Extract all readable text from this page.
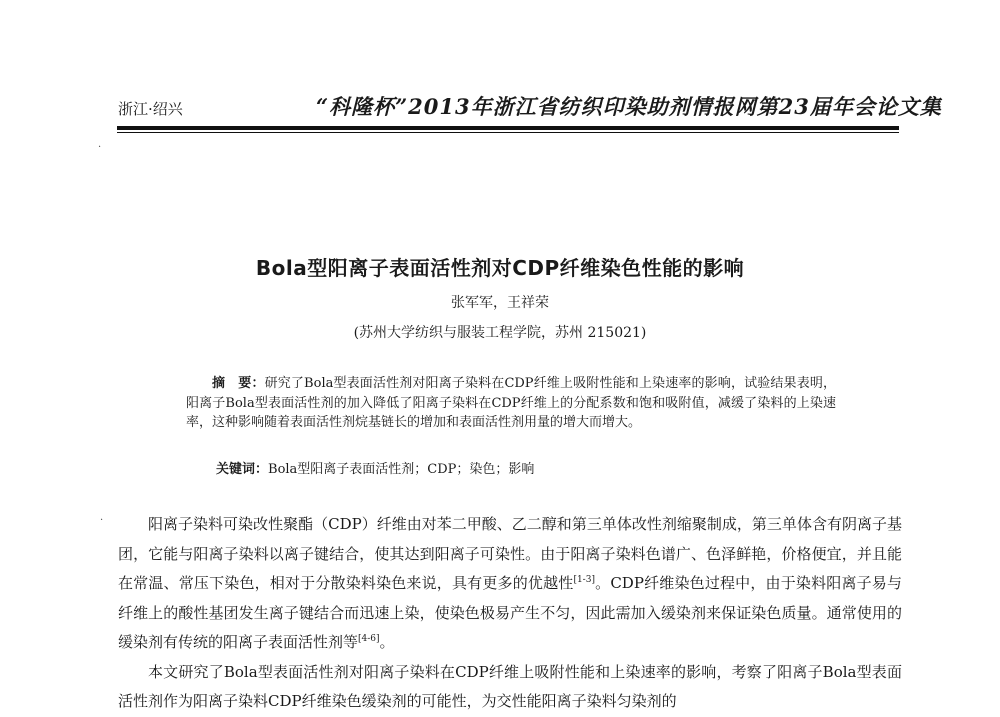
浙江·绍兴	“科隆杯”2013年浙江省纺织印染助剂情报网第23届年会论文集
·
·
Bola型阳离子表面活性剂对CDP纤维染色性能的影响
张军军，王祥荣
(苏州大学纺织与服装工程学院，苏州 215021)
摘　要：研究了Bola型表面活性剂对阳离子染料在CDP纤维上吸附性能和上染速率的影响，试验结果表明，阳离子Bola型表面活性剂的加入降低了阳离子染料在CDP纤维上的分配系数和饱和吸附值，减缓了染料的上染速率，这种影响随着表面活性剂烷基链长的增加和表面活性剂用量的增大而增大。
关键词：Bola型阳离子表面活性剂；CDP；染色；影响

阳离子染料可染改性聚酯（CDP）纤维由对苯二甲酸、乙二醇和第三单体改性剂缩聚制成，第三单体含有阴离子基团，它能与阳离子染料以离子键结合，使其达到阳离子可染性。由于阳离子染料色谱广、色泽鲜艳，价格便宜，并且能在常温、常压下染色，相对于分散染料染色来说，具有更多的优越性[1-3]。CDP纤维染色过程中，由于染料阳离子易与纤维上的酸性基团发生离子键结合而迅速上染，使染色极易产生不匀，因此需加入缓染剂来保证染色质量。通常使用的缓染剂有传统的阳离子表面活性剂等[4-6]。

本文研究了Bola型表面活性剂对阳离子染料在CDP纤维上吸附性能和上染速率的影响，考察了阳离子Bola型表面活性剂作为阳离子染料CDP纤维染色缓染剂的可能性，为交性能阳离子染料匀染剂的
